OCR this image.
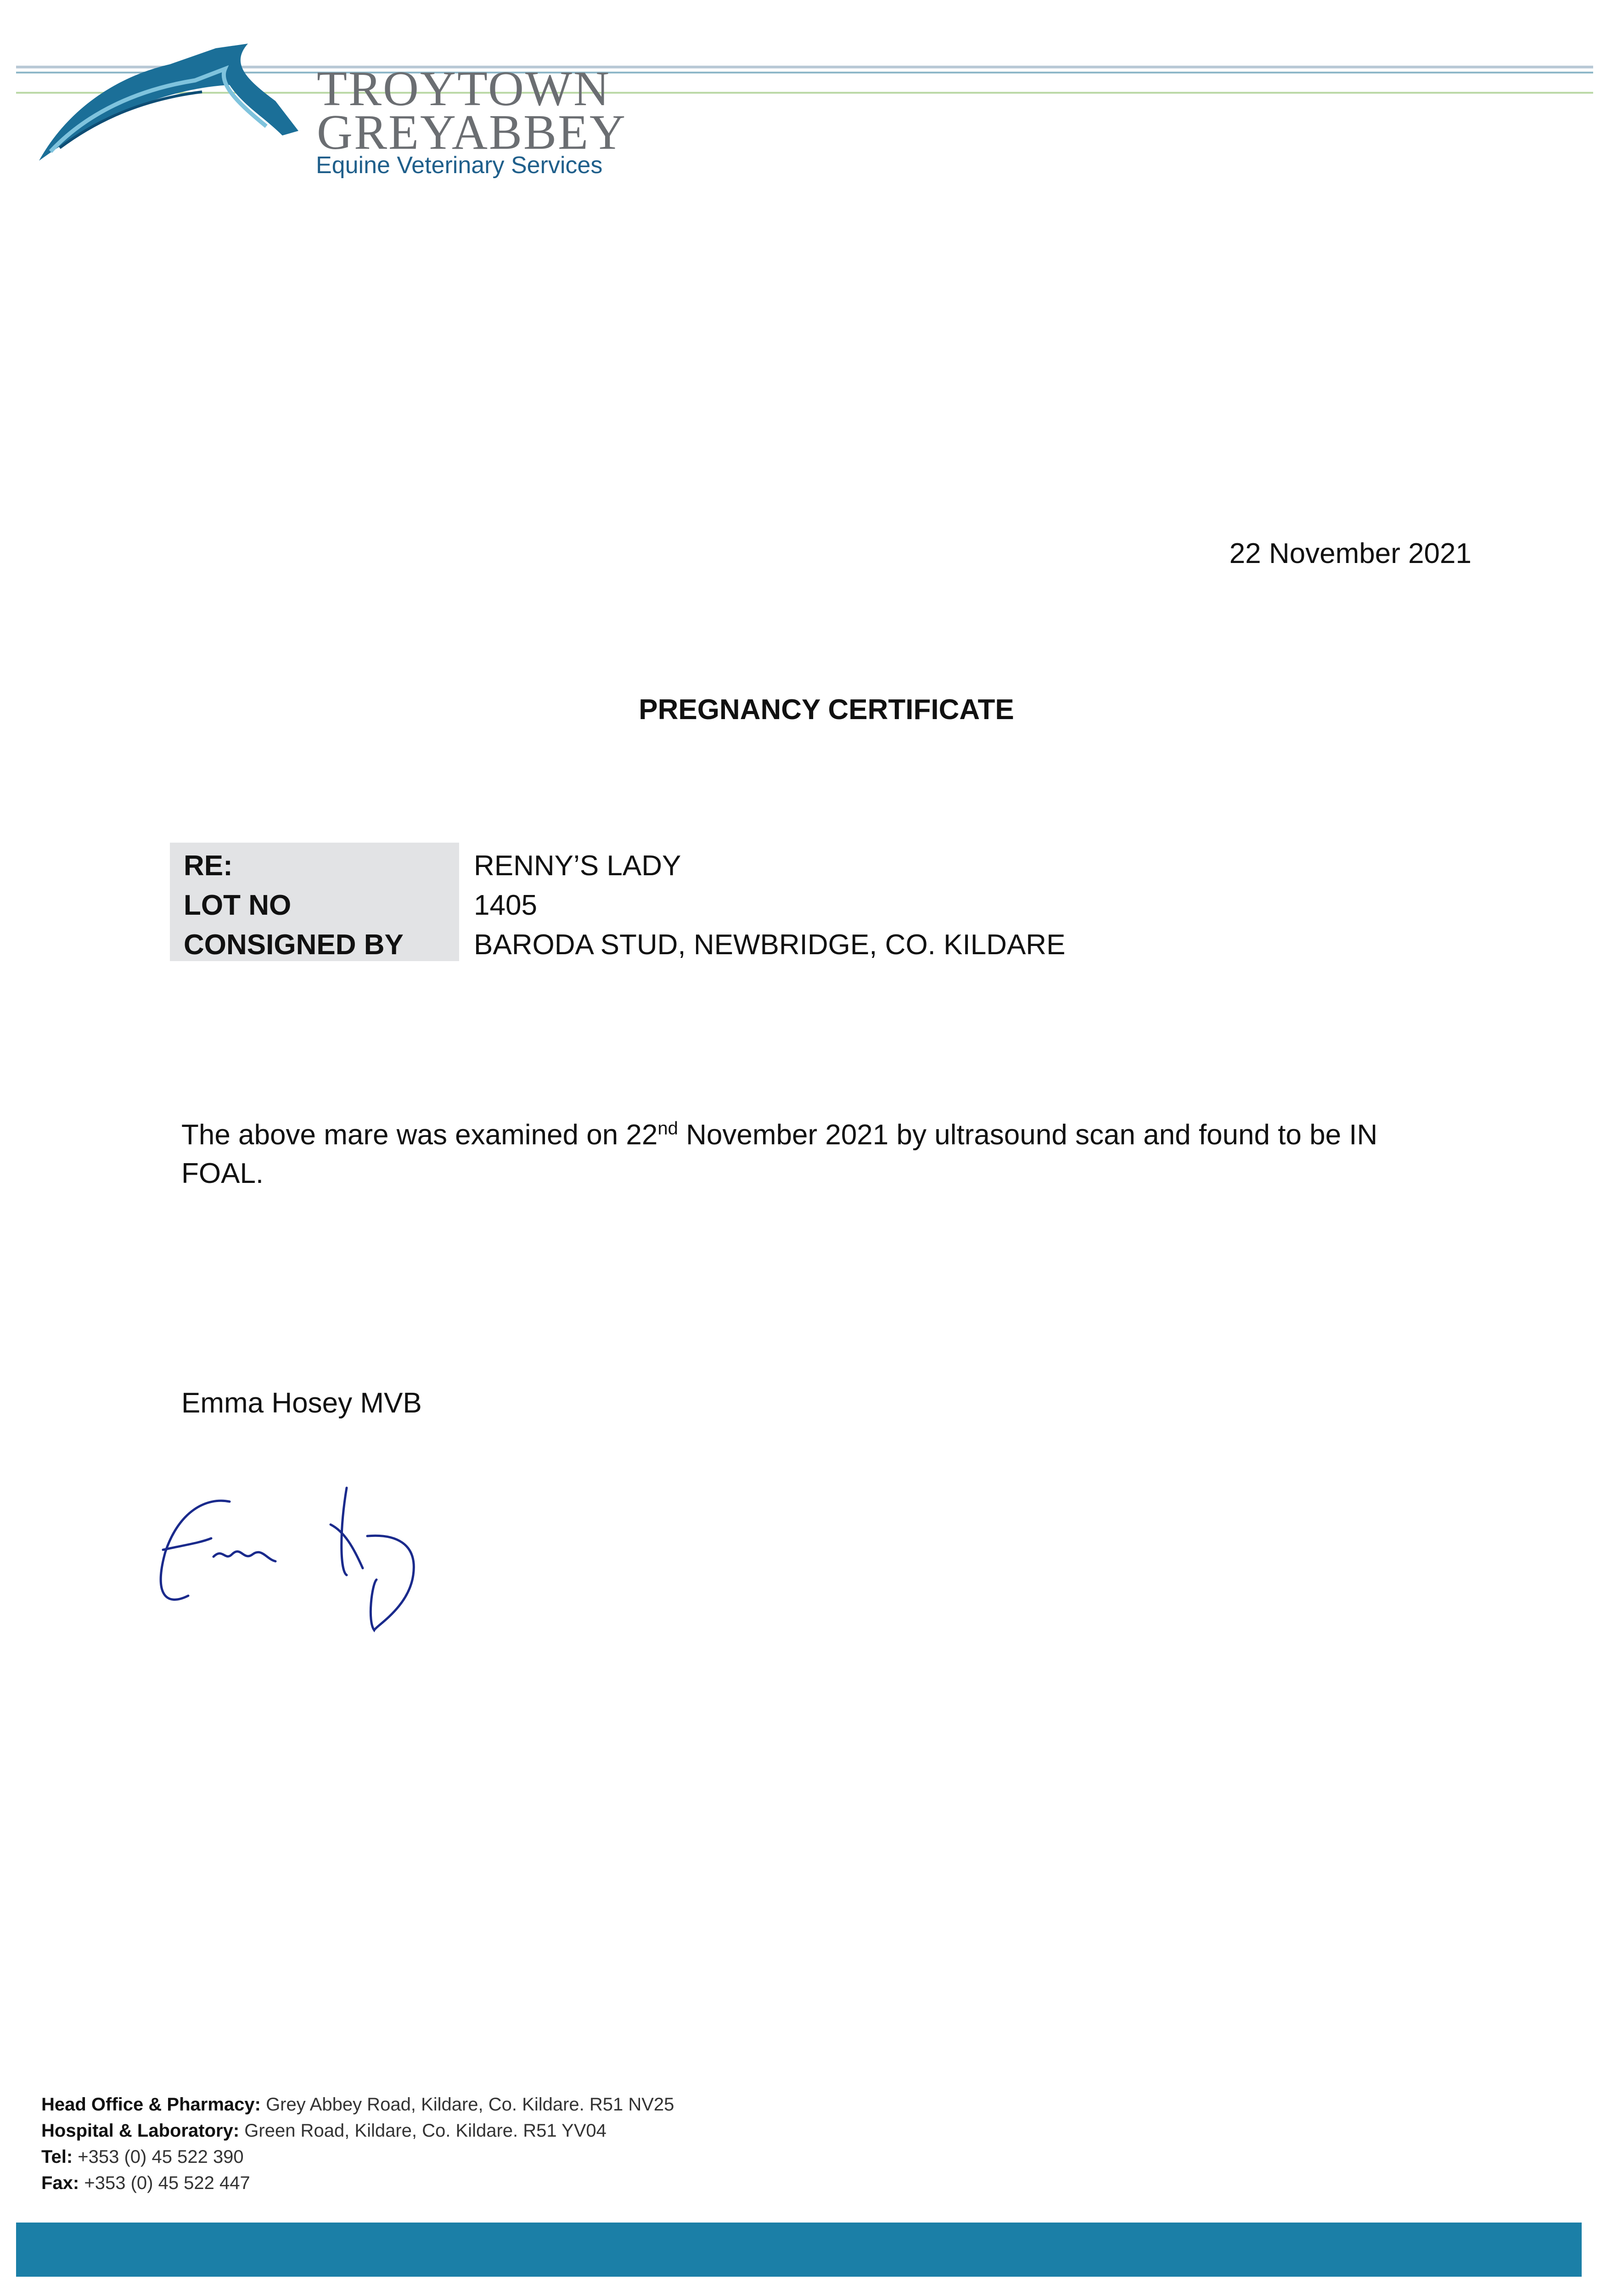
TROYTOWN
GREYABBEY
Equine Veterinary Services
22 November 2021
PREGNANCY CERTIFICATE
RE:	RENNY’S LADY
LOT NO	1405
CONSIGNED BY BARODA STUD, NEWBRIDGE, CO. KILDARE
The above mare was examined on 22nd November 2021 by ultrasound scan and found to be IN FOAL.
Emma Hosey MVB
Head Office & Pharmacy: Grey Abbey Road, Kildare, Co. Kildare. R51 NV25
Hospital & Laboratory: Green Road, Kildare, Co. Kildare. R51 YV04
Tel: +353 (0) 45 522 390
Fax: +353 (0) 45 522 447
